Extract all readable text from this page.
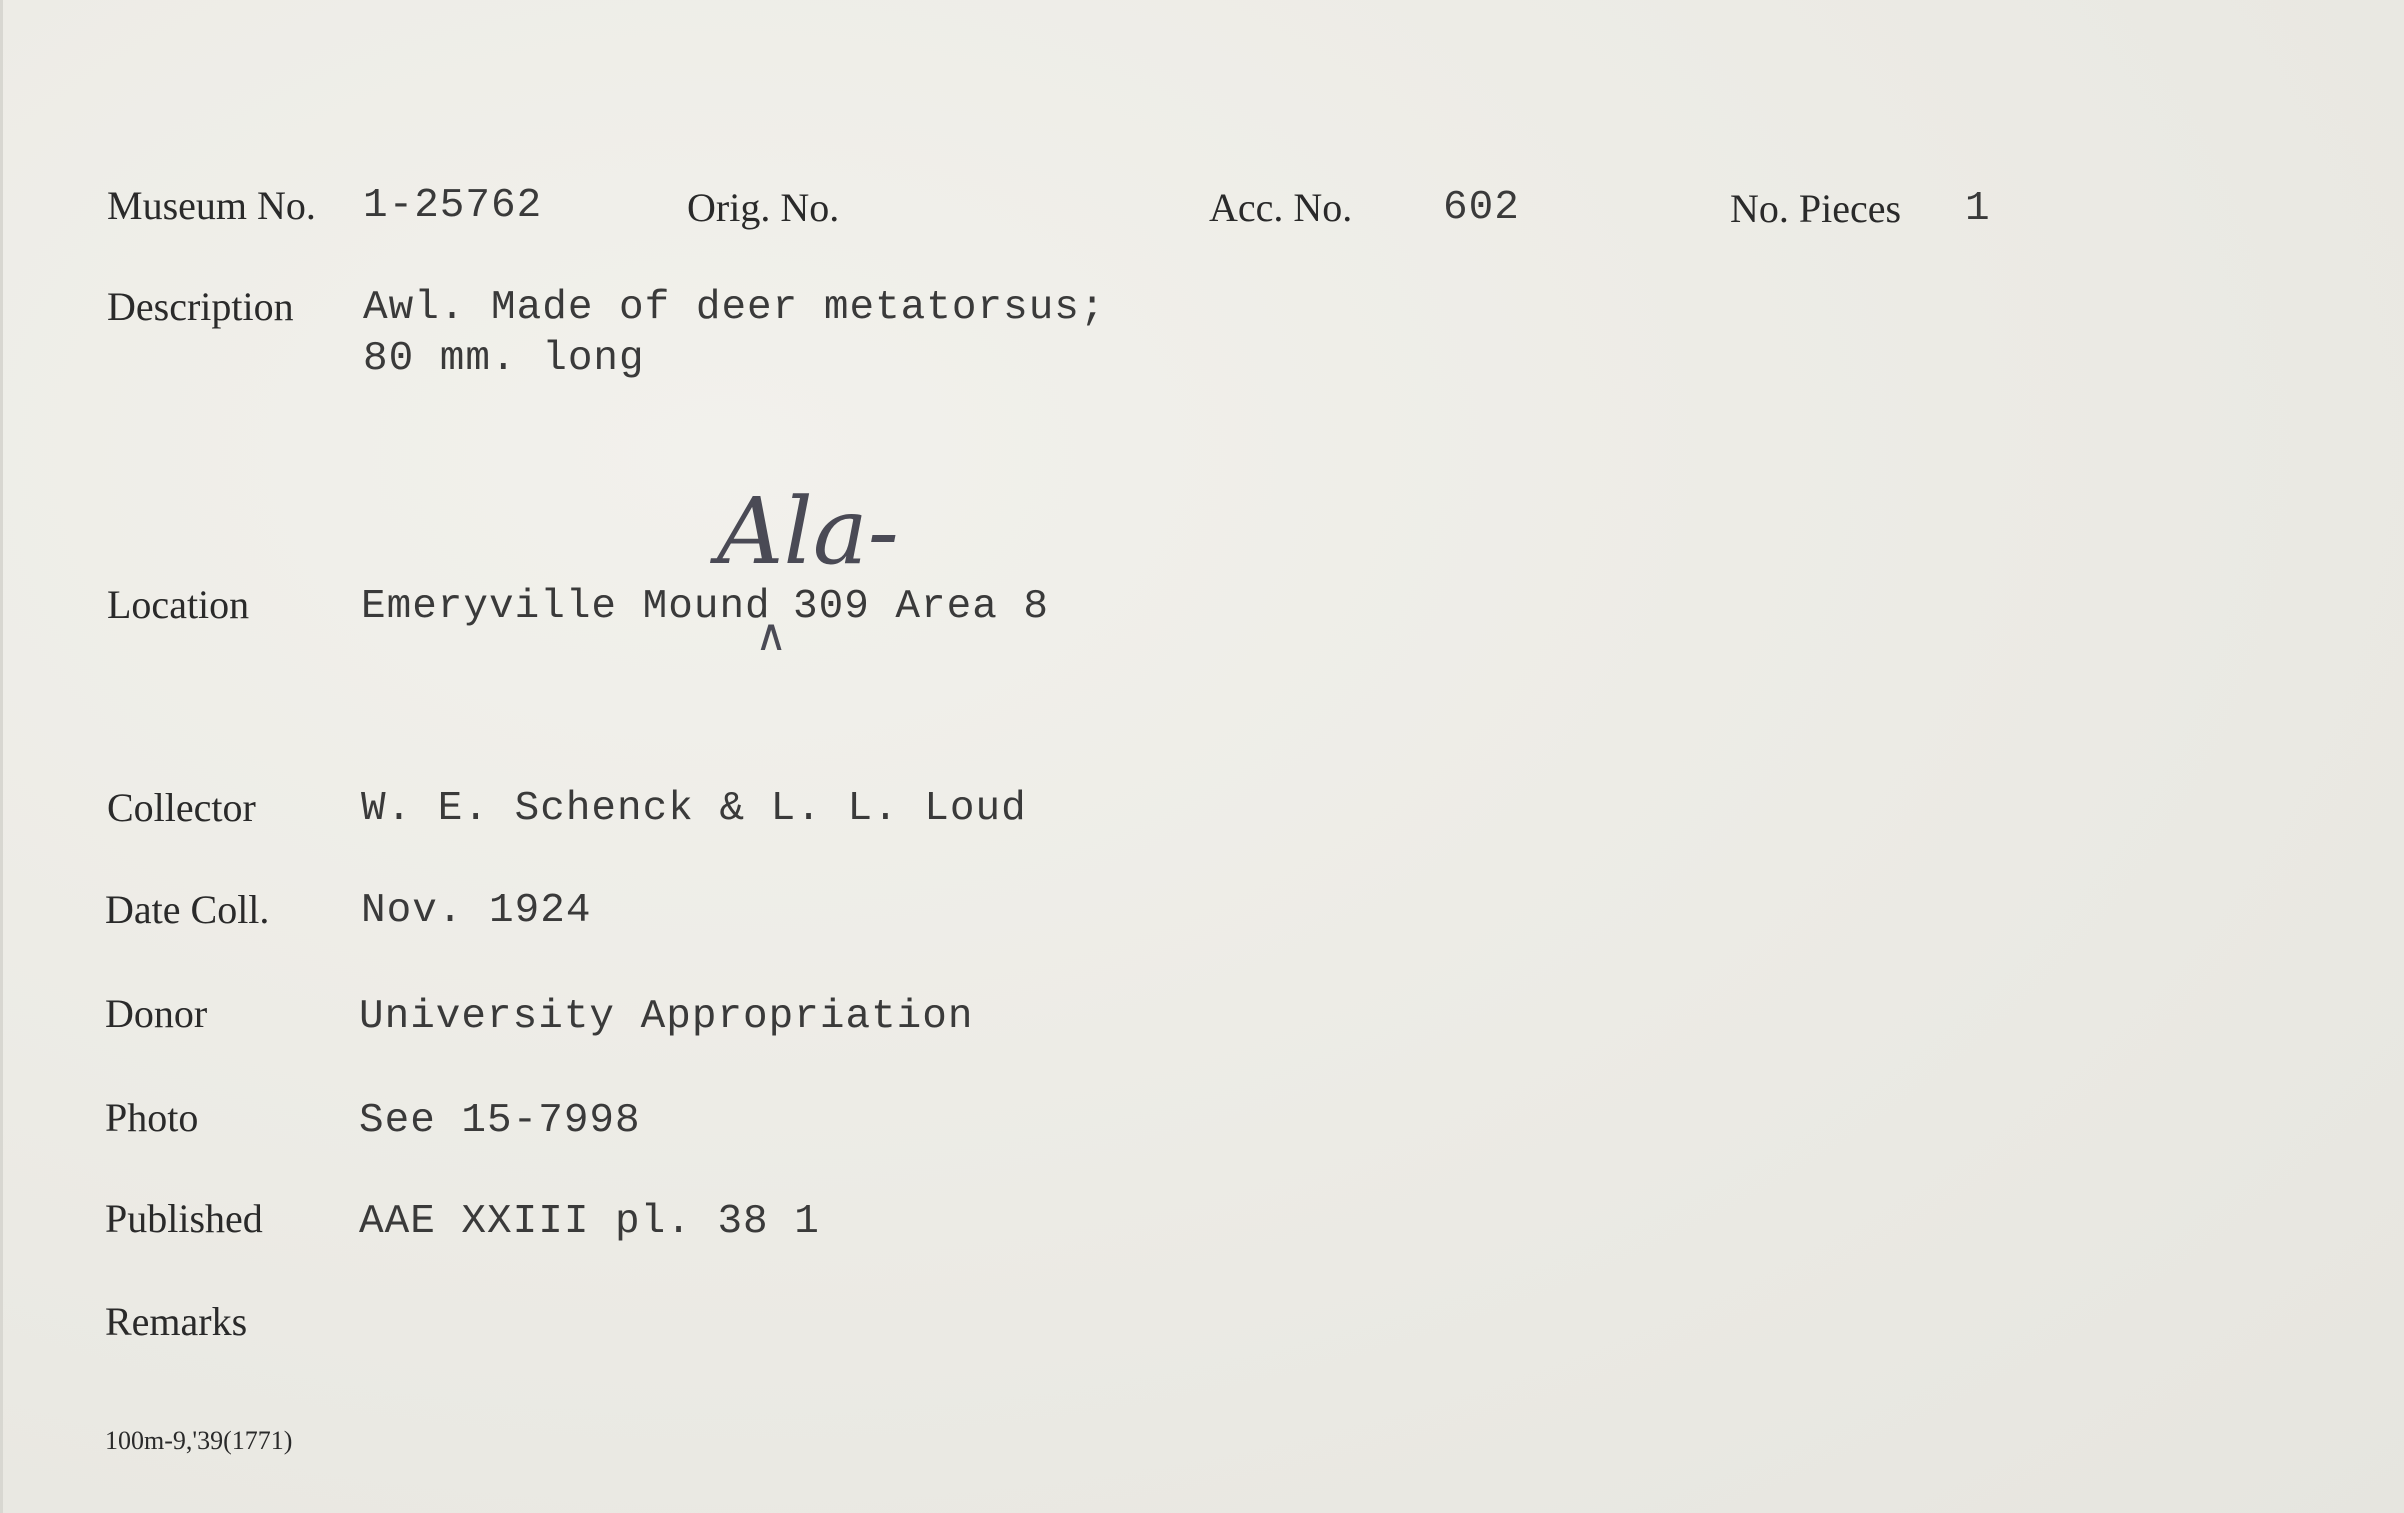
Museum No. 1-25762	Orig. No.	Acc. No. 602	No. Pieces 1
Description Awl. Made of deer metatorsus;
80 mm. long
Location	Emeryville Mound 309 Area 8
Ala-
∧
Collector	W. E. Schenck & L. L. Loud
Date Coll. Nov. 1924
Donor	University Appropriation
Photo	See 15-7998
Published AAE XXIII pl. 38 1
Remarks
100m-9,'39(1771)
